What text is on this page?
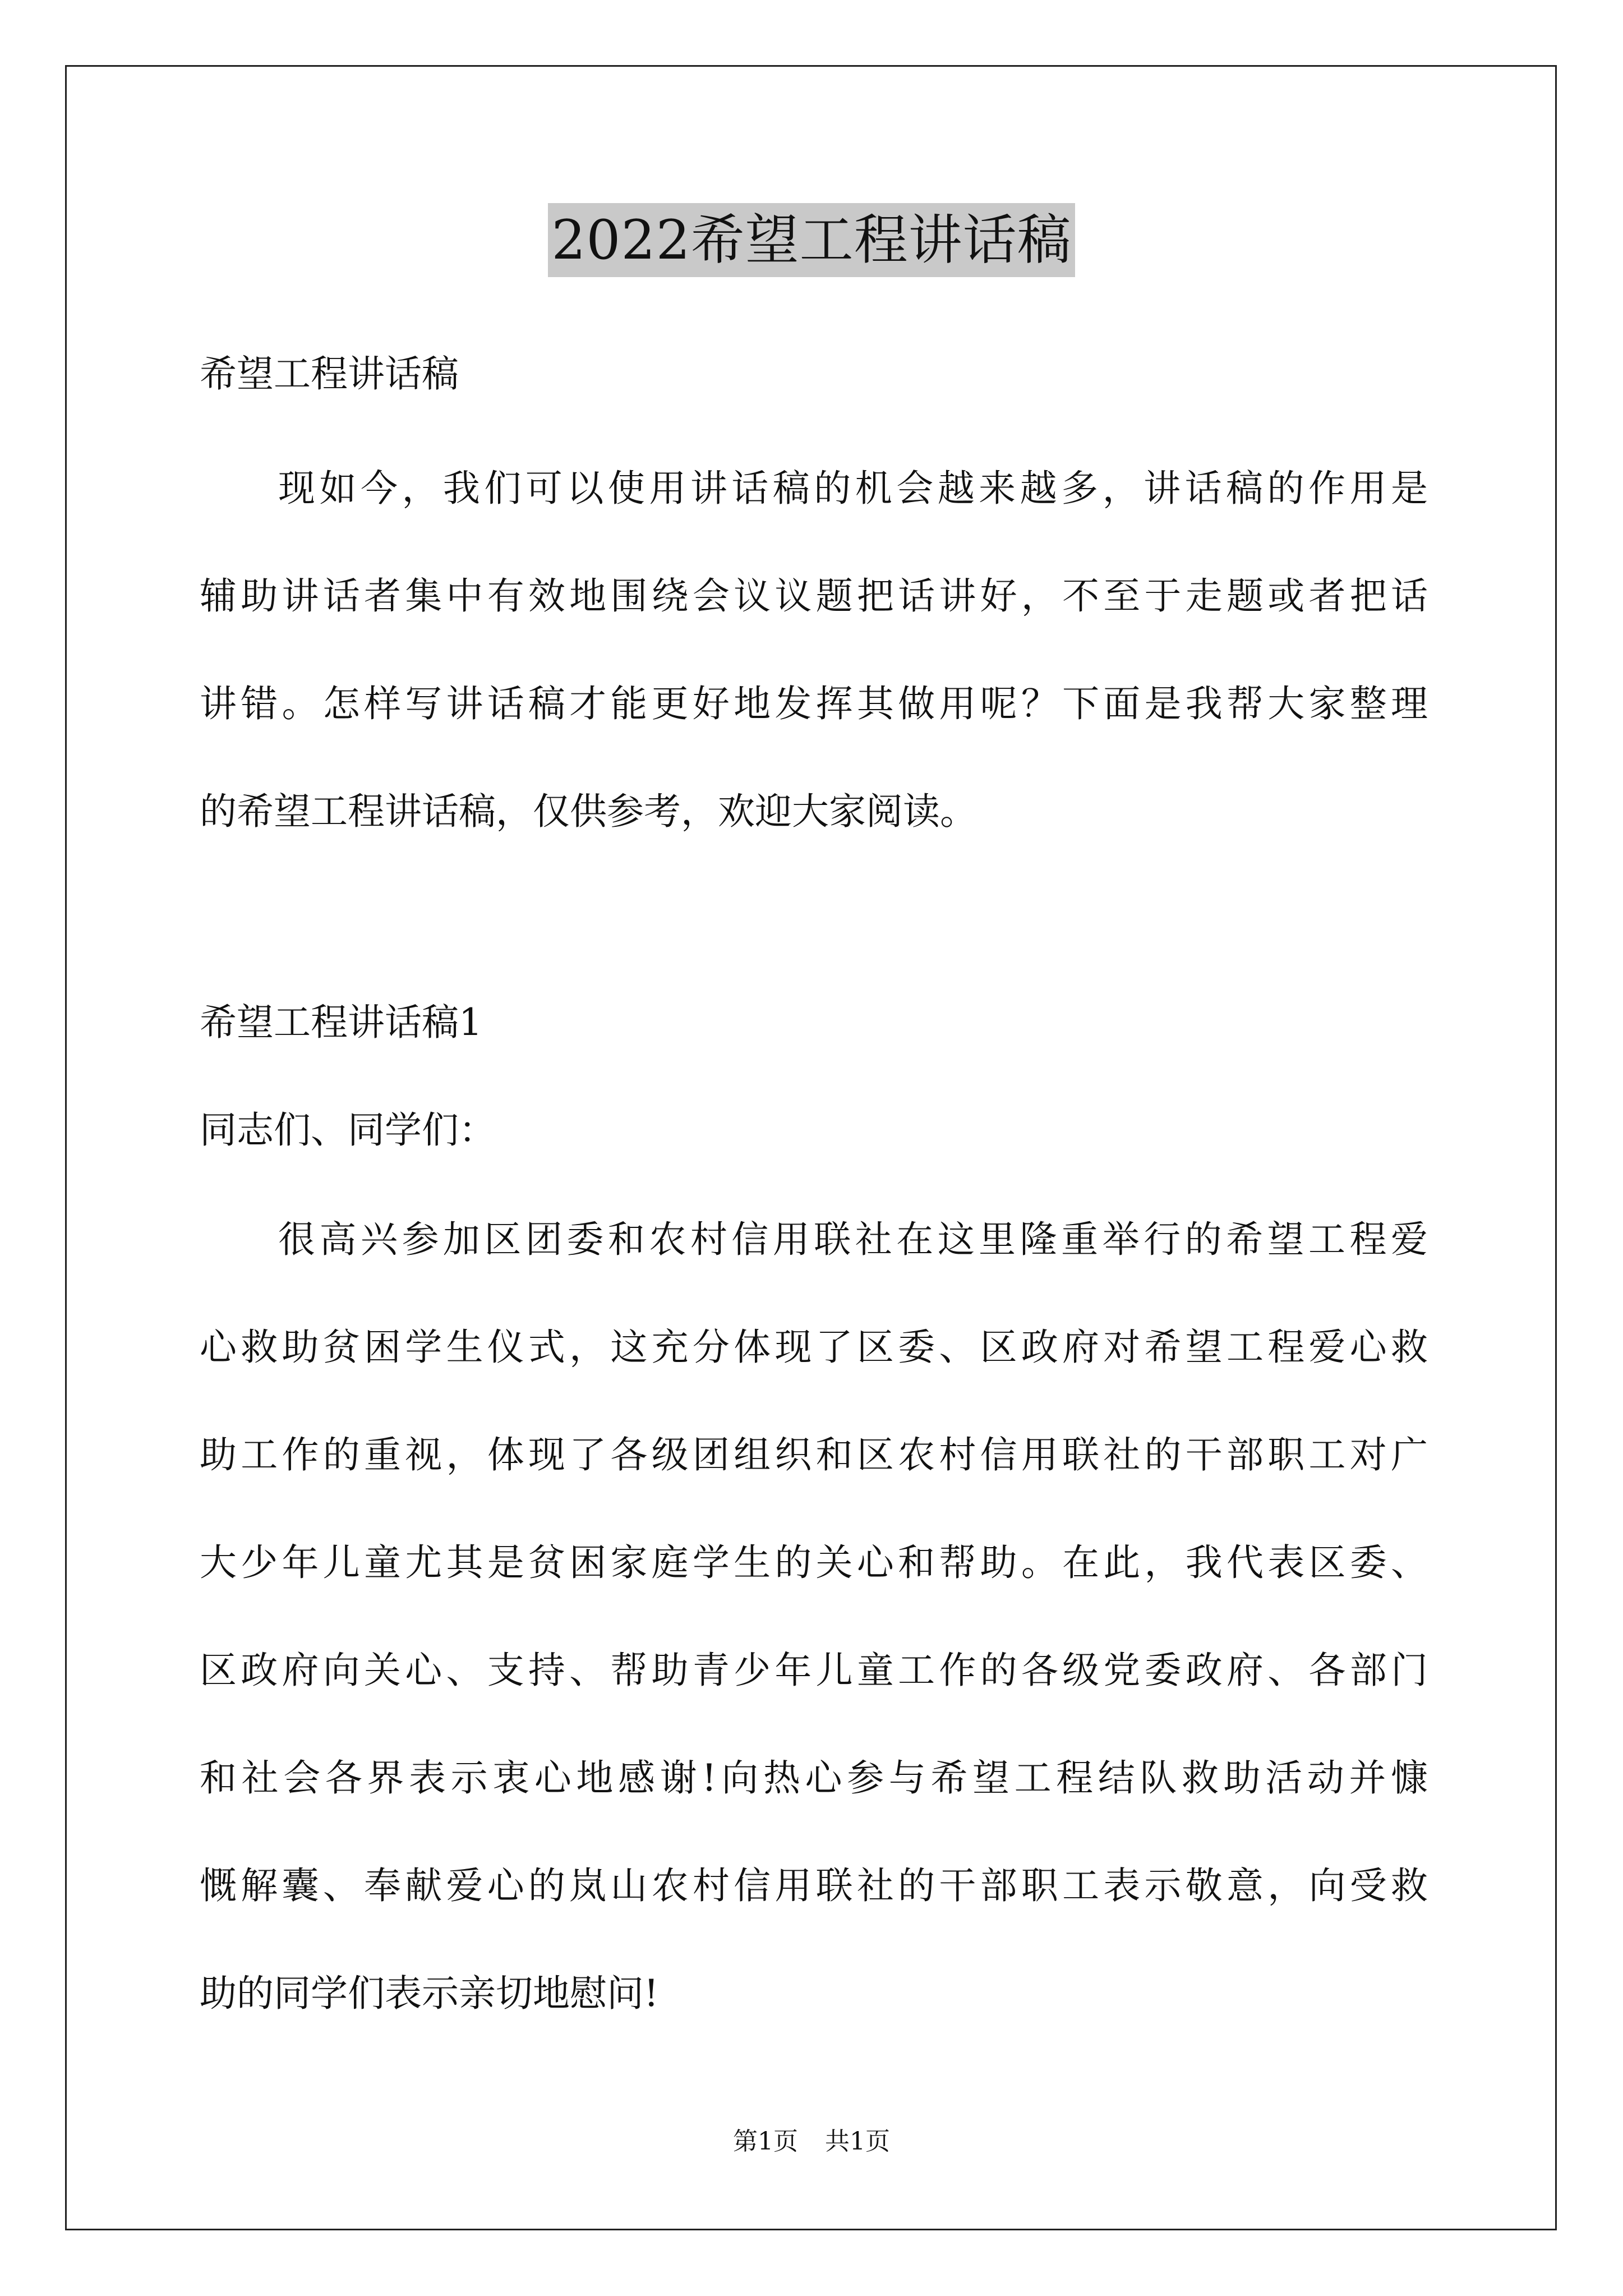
2022希望工程讲话稿
希望工程讲话稿
现如今，我们可以使用讲话稿的机会越来越多，讲话稿的作用是
辅助讲话者集中有效地围绕会议议题把话讲好，不至于走题或者把话
讲错。怎样写讲话稿才能更好地发挥其做用呢？下面是我帮大家整理
的希望工程讲话稿，仅供参考，欢迎大家阅读。
希望工程讲话稿1
同志们、同学们：
很高兴参加区团委和农村信用联社在这里隆重举行的希望工程爱
心救助贫困学生仪式，这充分体现了区委、区政府对希望工程爱心救
助工作的重视，体现了各级团组织和区农村信用联社的干部职工对广
大少年儿童尤其是贫困家庭学生的关心和帮助。在此，我代表区委、
区政府向关心、支持、帮助青少年儿童工作的各级党委政府、各部门
和社会各界表示衷心地感谢!向热心参与希望工程结队救助活动并慷
慨解囊、奉献爱心的岚山农村信用联社的干部职工表示敬意，向受救
助的同学们表示亲切地慰问!
第1页 共1页
